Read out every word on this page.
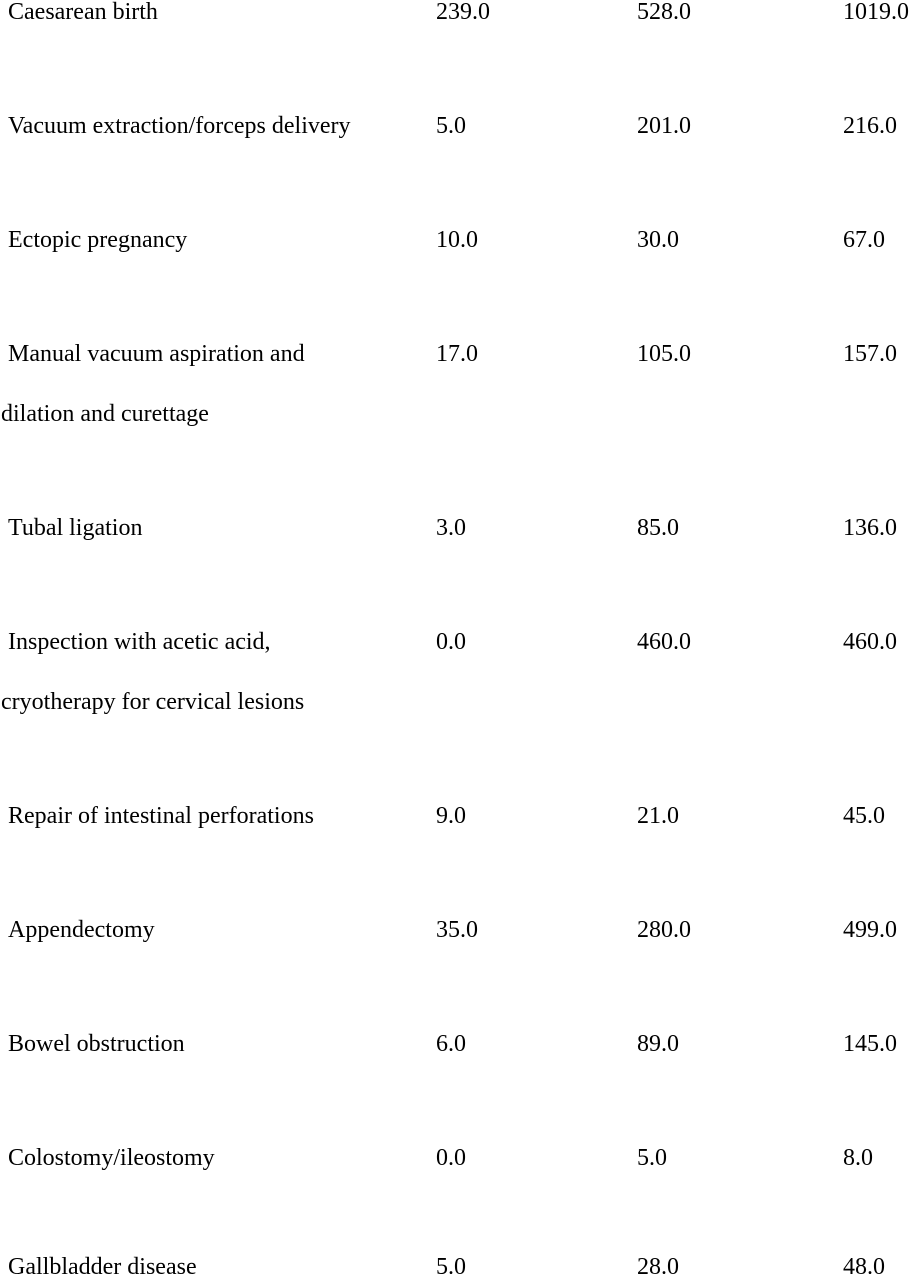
Caesarean birth	239.0	528.0	1019.0
Vacuum extraction/forceps delivery	5.0	201.0	216.0
Ectopic pregnancy	10.0	30.0	67.0
Manual vacuum aspiration and
dilation and curettage
17.0	105.0	157.0
Tubal ligation	3.0	85.0	136.0
Inspection with acetic acid,
cryotherapy for cervical lesions
0.0	460.0	460.0
Repair of intestinal perforations	9.0	21.0	45.0
Appendectomy	35.0	280.0	499.0
Bowel obstruction	6.0	89.0	145.0
Colostomy/ileostomy	0.0	5.0	8.0
Gallbladder disease	5.0	28.0	48.0
